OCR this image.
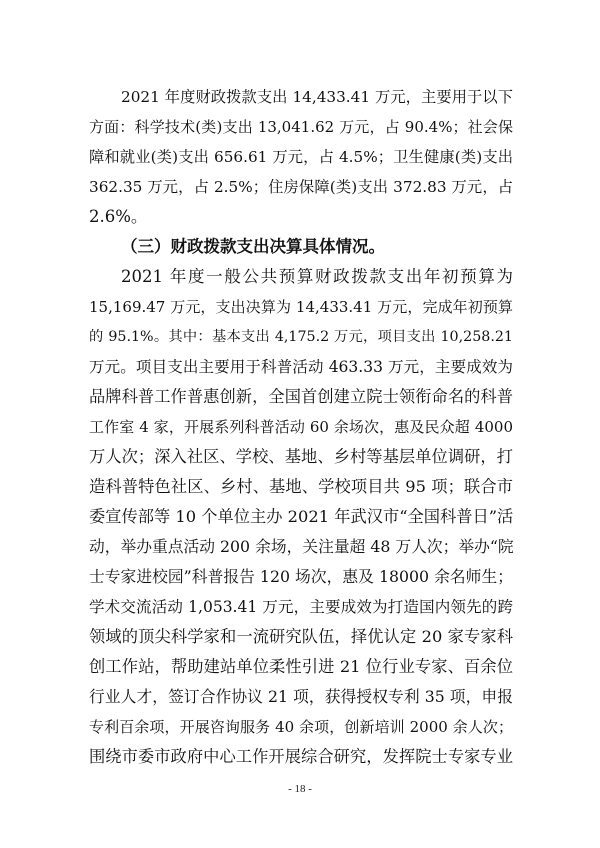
2021 年度财政拨款支出 14,433.41 万元，主要用于以下
方面：科学技术(类)支出 13,041.62 万元，占 90.4%；社会保
障和就业(类)支出 656.61 万元，占 4.5%；卫生健康(类)支出
362.35 万元，占 2.5%；住房保障(类)支出 372.83 万元，占
2.6%。
（三）财政拨款支出决算具体情况。
2021 年度一般公共预算财政拨款支出年初预算为
15,169.47 万元，支出决算为 14,433.41 万元，完成年初预算
的 95.1%。其中：基本支出 4,175.2 万元，项目支出 10,258.21
万元。项目支出主要用于科普活动 463.33 万元，主要成效为
品牌科普工作普惠创新，全国首创建立院士领衔命名的科普
工作室 4 家，开展系列科普活动 60 余场次，惠及民众超 4000
万人次；深入社区、学校、基地、乡村等基层单位调研，打
造科普特色社区、乡村、基地、学校项目共 95 项；联合市
委宣传部等 10 个单位主办 2021 年武汉市“全国科普日”活
动，举办重点活动 200 余场，关注量超 48 万人次；举办“院
士专家进校园”科普报告 120 场次，惠及 18000 余名师生；
学术交流活动 1,053.41 万元，主要成效为打造国内领先的跨
领域的顶尖科学家和一流研究队伍，择优认定 20 家专家科
创工作站，帮助建站单位柔性引进 21 位行业专家、百余位
行业人才，签订合作协议 21 项，获得授权专利 35 项，申报
专利百余项，开展咨询服务 40 余项，创新培训 2000 余人次；
围绕市委市政府中心工作开展综合研究，发挥院士专家专业
- 18 -
